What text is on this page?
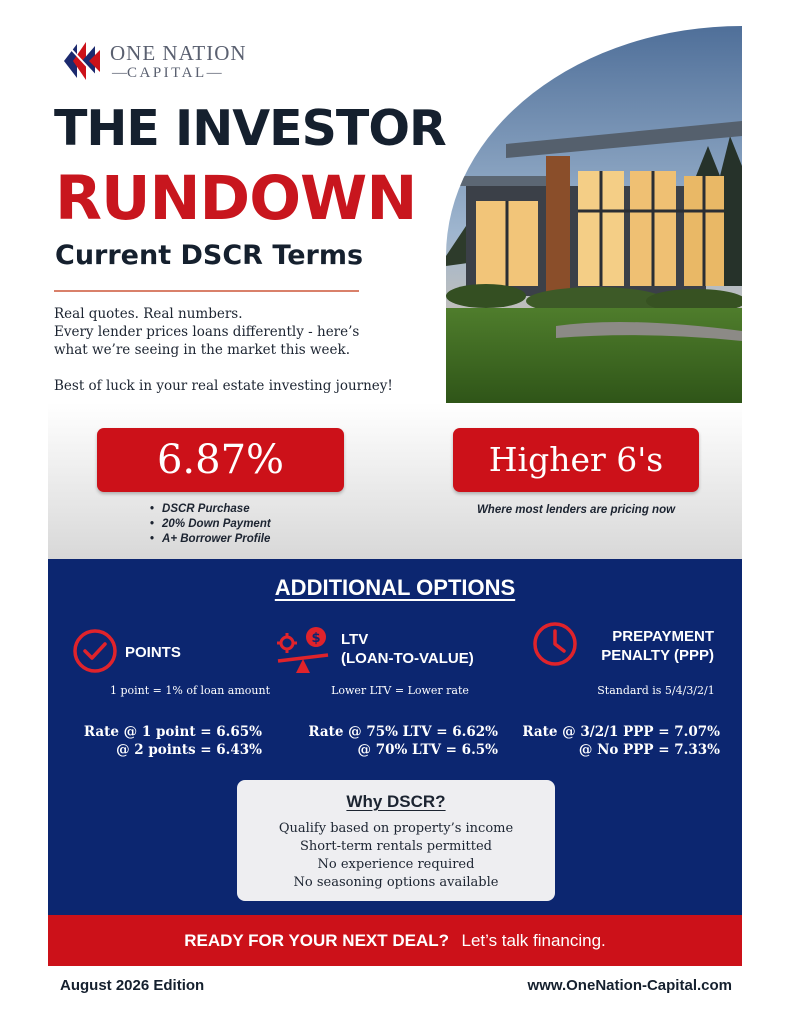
ONE NATION
—CAPITAL—
THE INVESTOR
RUNDOWN
Current DSCR Terms

Real quotes. Real numbers.

Every lender prices loans differently - here’s

what we’re seeing in the market this week.

Best of luck in your real estate investing journey!

6.87%	Higher 6's
• DSCR Purchase
• 20% Down Payment
• A+ Borrower Profile
Where most lenders are pricing now
ADDITIONAL OPTIONS
POINTS
1 point = 1% of loan amount

Rate @ 1 point = 6.65%

@ 2 points = 6.43%

$ LTV
(LOAN-TO-VALUE)
Lower LTV = Lower rate

Rate @ 75% LTV = 6.62%

@ 70% LTV = 6.5%

PREPAYMENT
PENALTY (PPP)
Standard is 5/4/3/2/1

Rate @ 3/2/1 PPP = 7.07%

@ No PPP = 7.33%

Why DSCR?
Qualify based on property’s income
Short-term rentals permitted
No experience required
No seasoning options available
READY FOR YOUR NEXT DEAL? Let’s talk financing.
August 2026 Edition	www.OneNation-Capital.com
